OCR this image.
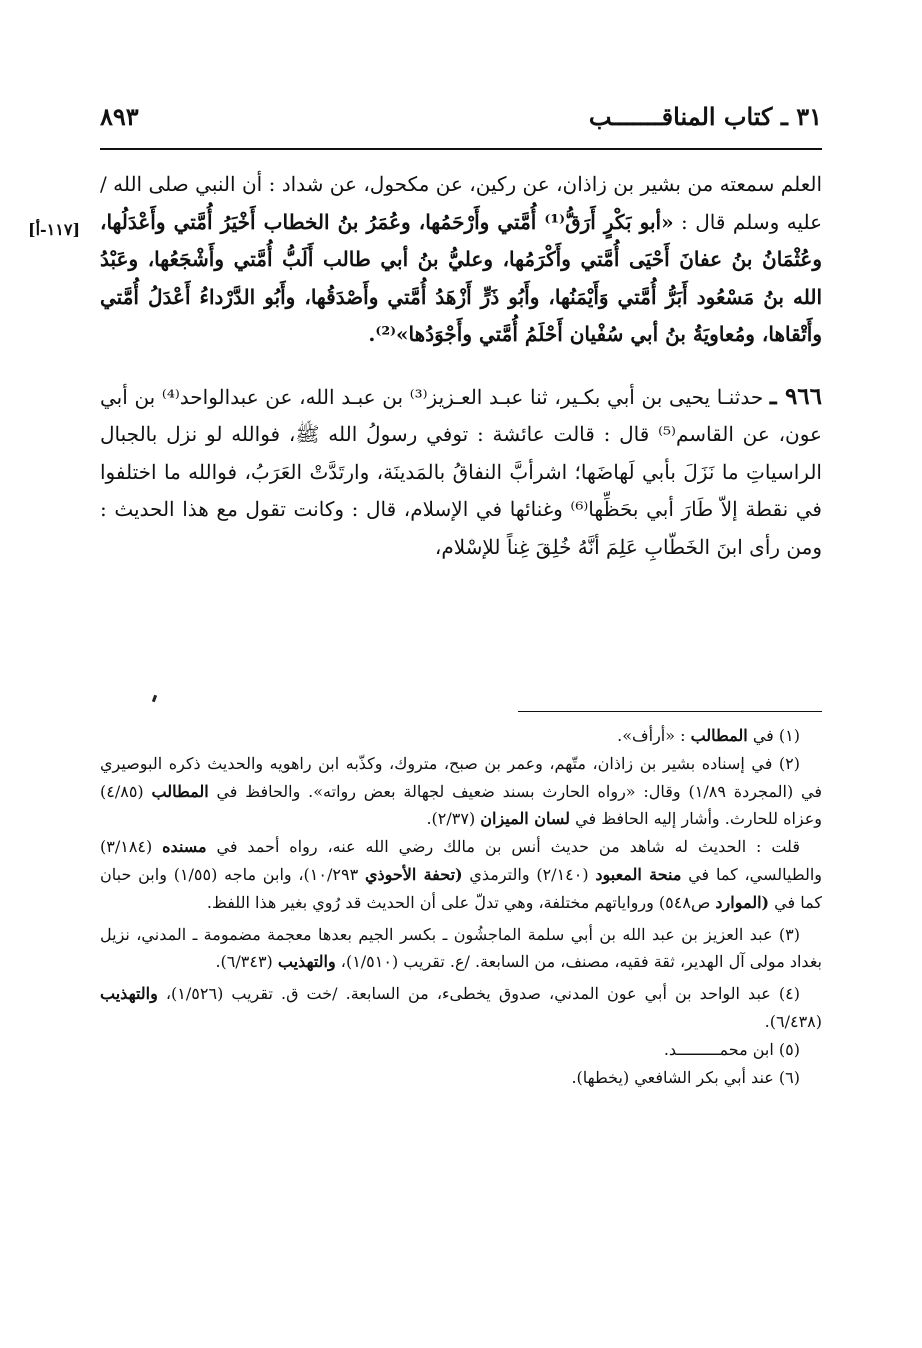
٣١ ـ كتاب المناقـــــــب
٨٩٣
[١١٧-أ]

العلم سمعته من بشير بن زاذان، عن ركين، عن مكحول، عن شداد : أن النبي صلى الله / عليه وسلم قال : «أبو بَكْرٍ أَرَقُّ⁽¹⁾ أُمَّتي وأَرْحَمُها، وعُمَرُ بنُ الخطاب أَخْيَرُ أُمَّتي وأَعْدَلُها، وعُثْمَانُ بنُ عفانَ أَحْيَى أُمَّتي وأَكْرَمُها، وعليُّ بنُ أبي طالب أَلَبُّ أُمَّتي وأَشْجَعُها، وعَبْدُ الله بنُ مَسْعُود أَبَرُّ أُمَّتي وَأَيْمَنُها، وأَبُو ذَرٍّ أَزْهَدُ أُمَّتي وأَصْدَقُها، وأَبُو الدَّرْداءُ أَعْدَلُ أُمَّتي وأَتْقاها، ومُعاويَةُ بنُ أبي سُفْيان أَحْلَمُ أُمَّتي وأَجْوَدُها»⁽²⁾.

٩٦٦ ـ حدثنـا يحيى بن أبي بكـير، ثنا عبـد العـزيز⁽³⁾ بن عبـد الله، عن عبدالواحد⁽⁴⁾ بن أبي عون، عن القاسم⁽⁵⁾ قال : قالت عائشة : توفي رسولُ الله ﷺ، فوالله لو نزل بالجبال الراسياتِ ما نَزَلَ بأبي لَهاضَها؛ اشرأبَّ النفاقُ بالمَدينَة، وارتَدَّتْ العَرَبُ، فوالله ما اختلفوا في نقطة إلاّ طَارَ أبي بحَظِّها⁽⁶⁾ وغنائها في الإسلام، قال : وكانت تقول مع هذا الحديث : ومن رأى ابنَ الخَطّابِ عَلِمَ أنَّهُ خُلِقَ غِناً للإسْلام،

(١) في المطالب : «أرأف».

(٢) في إسناده بشير بن زاذان، متّهم، وعمر بن صبح، متروك، وكذّبه ابن راهويه والحديث ذكره البوصيري في (المجردة ١/٨٩) وقال: «رواه الحارث بسند ضعيف لجهالة بعض رواته». والحافظ في المطالب (٤/٨٥) وعزاه للحارث. وأشار إليه الحافظ في لسان الميزان (٢/٣٧).

قلت : الحديث له شاهد من حديث أنس بن مالك رضي الله عنه، رواه أحمد في مسنده (٣/١٨٤) والطيالسي، كما في منحة المعبود (٢/١٤٠) والترمذي (تحفة الأحوذي ١٠/٢٩٣)، وابن ماجه (١/٥٥) وابن حبان كما في (الموارد ص٥٤٨) ورواياتهم مختلفة، وهي تدلّ على أن الحديث قد رُوي بغير هذا اللفظ.

(٣) عبد العزيز بن عبد الله بن أبي سلمة الماجشُون ـ بكسر الجيم بعدها معجمة مضمومة ـ المدني، نزيل بغداد مولى آل الهدير، ثقة فقيه، مصنف، من السابعة. /ع. تقريب (١/٥١٠)، والتهذيب (٦/٣٤٣).

(٤) عبد الواحد بن أبي عون المدني، صدوق يخطىء، من السابعة. /خت ق. تقريب (١/٥٢٦)، والتهذيب (٦/٤٣٨).

(٥) ابن محمـــــــــد.

(٦) عند أبي بكر الشافعي (يخطها).
